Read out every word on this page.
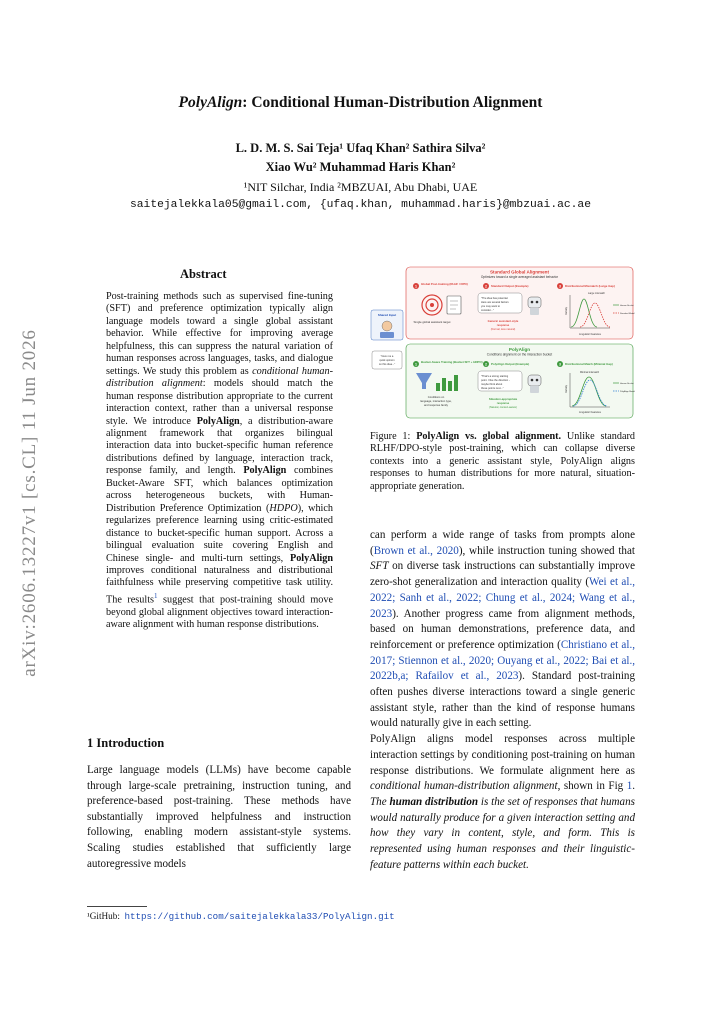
PolyAlign: Conditional Human-Distribution Alignment
L. D. M. S. Sai Teja¹ Ufaq Khan² Sathira Silva²
Xiao Wu² Muhammad Haris Khan²
¹NIT Silchar, India ²MBZUAI, Abu Dhabi, UAE
saitejalekkala05@gmail.com, {ufaq.khan, muhammad.haris}@mbzuai.ac.ae
arXiv:2606.13227v1 [cs.CL] 11 Jun 2026
Abstract

Post-training methods such as supervised fine-tuning (SFT) and preference optimization typically align language models toward a single global assistant behavior. While effective for improving average helpfulness, this can suppress the natural variation of human responses across languages, tasks, and dialogue settings. We study this problem as conditional human-distribution alignment: models should match the human response distribution appropriate to the current interaction context, rather than a universal response style. We introduce PolyAlign, a distribution-aware alignment framework that organizes bilingual interaction data into bucket-specific human reference distributions defined by language, interaction track, response family, and length. PolyAlign combines Bucket-Aware SFT, which balances optimization across heterogeneous buckets, with Human-Distribution Preference Optimization (HDPO), which regularizes preference learning using critic-estimated distance to bucket-specific human support. Across a bilingual evaluation suite covering English and Chinese single- and multi-turn settings, PolyAlign improves conditional naturalness and distributional faithfulness while preserving competitive task utility. The results$^1$ suggest that post-training should move beyond global alignment objectives toward interaction-aware alignment with human response distributions.

1 Introduction

Large language models (LLMs) have become capable through large-scale pretraining, instruction tuning, and preference-based post-training. These methods have substantially improved helpfulness and instruction following, enabling modern assistant-style systems. Scaling studies established that sufficiently large autoregressive models

¹GitHub: https://github.com/saitejalekkala33/PolyAlign.git
Standard Global Alignment
Optimizes toward a single averaged assistant behavior
1
Global Post-training (RLHF / DPO)
2 Standard Output (Example)	3 Distributional Mismatch (Large Gap)
Single global assistant target
"The idea has potential.
Here are several factors
you may want to
consider..."
Generic assistant-style
response
(Formal, less natural)
Linguistic Features
Density
Large mismatch
Human Bucket
Standard Model
Shared Input
"Give me a
quick opinion
on this idea..."
PolyAlign
Conditions alignment on the interaction bucket
1
Bucket-Aware Training (Bucket SFT + HDPO)
2 PolyAlign Output (Example)	3 Distributional Match (Minimal Gap)
Conditions on
language, interaction type,
and response family
"That's a strong starting
point. I like the direction -
maybe think about
these points next..."
Situation-appropriate
response
(Natural, context-aware)
Linguistic Features
Density
Minimal mismatch
Human Bucket
PolyAlign Model
Figure 1: PolyAlign vs. global alignment. Unlike standard RLHF/DPO-style post-training, which can collapse diverse contexts into a generic assistant style, PolyAlign aligns responses to human distributions for more natural, situation-appropriate generation.

can perform a wide range of tasks from prompts alone (Brown et al., 2020), while instruction tuning showed that SFT on diverse task instructions can substantially improve zero-shot generalization and interaction quality (Wei et al., 2022; Sanh et al., 2022; Chung et al., 2024; Wang et al., 2023). Another progress came from alignment methods, based on human demonstrations, preference data, and reinforcement or preference optimization (Christiano et al., 2017; Stiennon et al., 2020; Ouyang et al., 2022; Bai et al., 2022b,a; Rafailov et al., 2023). Standard post-training often pushes diverse interactions toward a single generic assistant style, rather than the kind of response humans would naturally give in each setting.

PolyAlign aligns model responses across multiple interaction settings by conditioning post-training on human response distributions. We formulate alignment here as conditional human-distribution alignment, shown in Fig 1. The human distribution is the set of responses that humans would naturally produce for a given interaction setting and how they vary in content, style, and form. This is represented using human responses and their linguistic-feature patterns within each bucket.
